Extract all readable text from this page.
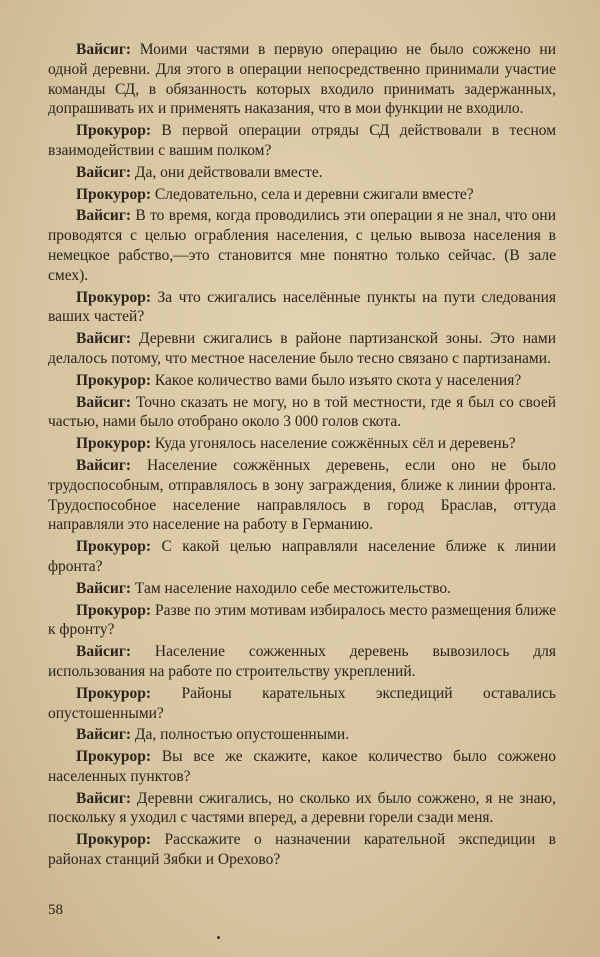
Вайсиг: Моими частями в первую операцию не было сожжено ни одной деревни. Для этого в операции непосредственно принимали участие команды СД, в обязанность которых входило принимать задержанных, допрашивать их и применять наказания, что в мои функции не входило.

Прокурор: В первой операции отряды СД действовали в тесном взаимодействии с вашим полком?

Вайсиг: Да, они действовали вместе.

Прокурор: Следовательно, села и деревни сжигали вместе?

Вайсиг: В то время, когда проводились эти операции я не знал, что они проводятся с целью ограбления населения, с целью вывоза населения в немецкое рабство,—это становится мне понятно только сейчас. (В зале смех).

Прокурор: За что сжигались населённые пункты на пути следования ваших частей?

Вайсиг: Деревни сжигались в районе партизанской зоны. Это нами делалось потому, что местное население было тесно связано с партизанами.

Прокурор: Какое количество вами было изъято скота у населения?

Вайсиг: Точно сказать не могу, но в той местности, где я был со своей частью, нами было отобрано около 3 000 голов скота.

Прокурор: Куда угонялось население сожжённых сёл и деревень?

Вайсиг: Население сожжённых деревень, если оно не было трудоспособным, отправлялось в зону заграждения, ближе к линии фронта. Трудоспособное население направлялось в город Браслав, оттуда направляли это население на работу в Германию.

Прокурор: С какой целью направляли население ближе к линии фронта?

Вайсиг: Там население находило себе местожительство.

Прокурор: Разве по этим мотивам избиралось место размещения ближе к фронту?

Вайсиг: Население сожженных деревень вывозилось для использования на работе по строительству укреплений.

Прокурор: Районы карательных экспедиций оставались опустошенными?

Вайсиг: Да, полностью опустошенными.

Прокурор: Вы все же скажите, какое количество было сожжено населенных пунктов?

Вайсиг: Деревни сжигались, но сколько их было сожжено, я не знаю, поскольку я уходил с частями вперед, а деревни горели сзади меня.

Прокурор: Расскажите о назначении карательной экспедиции в районах станций Зябки и Орехово?

58
